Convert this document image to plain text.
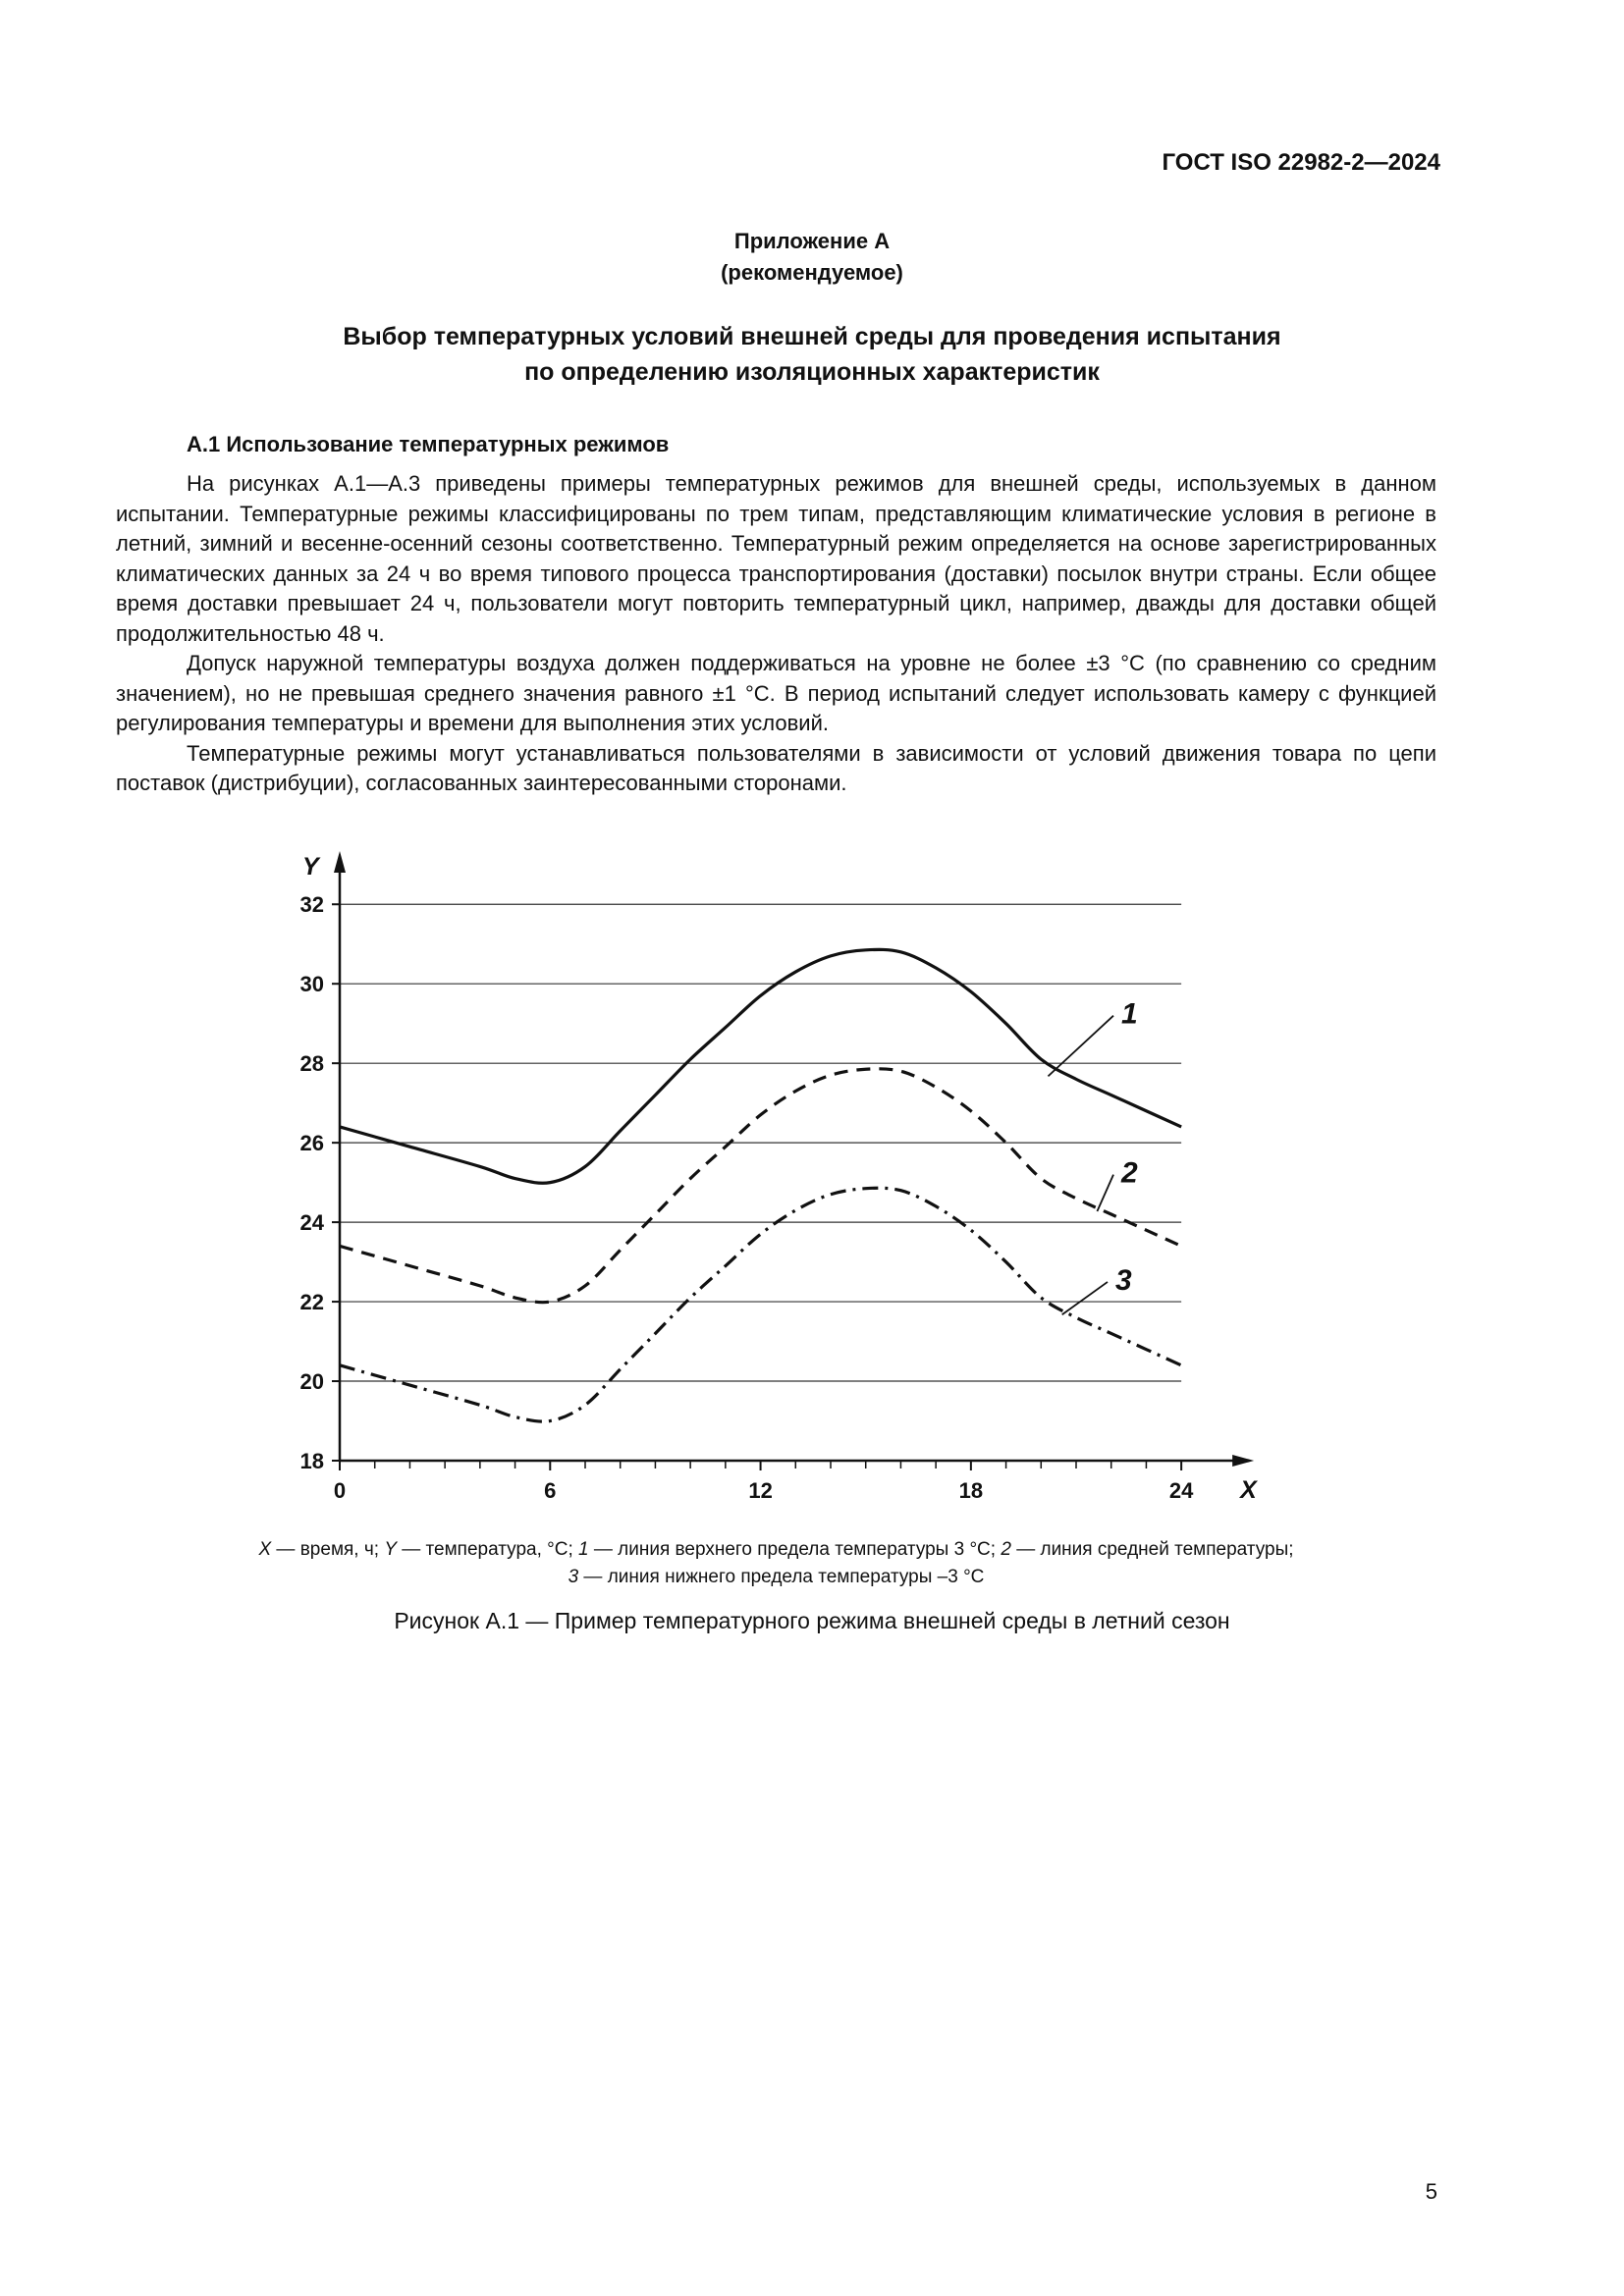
ГОСТ ISO 22982-2—2024
Приложение А
(рекомендуемое)
Выбор температурных условий внешней среды для проведения испытания
по определению изоляционных характеристик
А.1 Использование температурных режимов

На рисунках А.1—А.3 приведены примеры температурных режимов для внешней среды, используемых в данном испытании. Температурные режимы классифицированы по трем типам, представляющим климатические условия в регионе в летний, зимний и весенне-осенний сезоны соответственно. Температурный режим определяется на основе зарегистрированных климатических данных за 24 ч во время типового процесса транспортирования (доставки) посылок внутри страны. Если общее время доставки превышает 24 ч, пользователи могут повторить температурный цикл, например, дважды для доставки общей продолжительностью 48 ч.

Допуск наружной температуры воздуха должен поддерживаться на уровне не более ±3 °С (по сравнению со средним значением), но не превышая среднего значения равного ±1 °С. В период испытаний следует использовать камеру с функцией регулирования температуры и времени для выполнения этих условий.

Температурные режимы могут устанавливаться пользователями в зависимости от условий движения товара по цепи поставок (дистрибуции), согласованных заинтересованными сторонами.

18
20
22
24
26
28
30
32
0	6	12	18	24
Y
X
1
2
3
X — время, ч; Y — температура, °С; 1 — линия верхнего предела температуры 3 °С; 2 — линия средней температуры;
3 — линия нижнего предела температуры –3 °С
Рисунок А.1 — Пример температурного режима внешней среды в летний сезон
5
